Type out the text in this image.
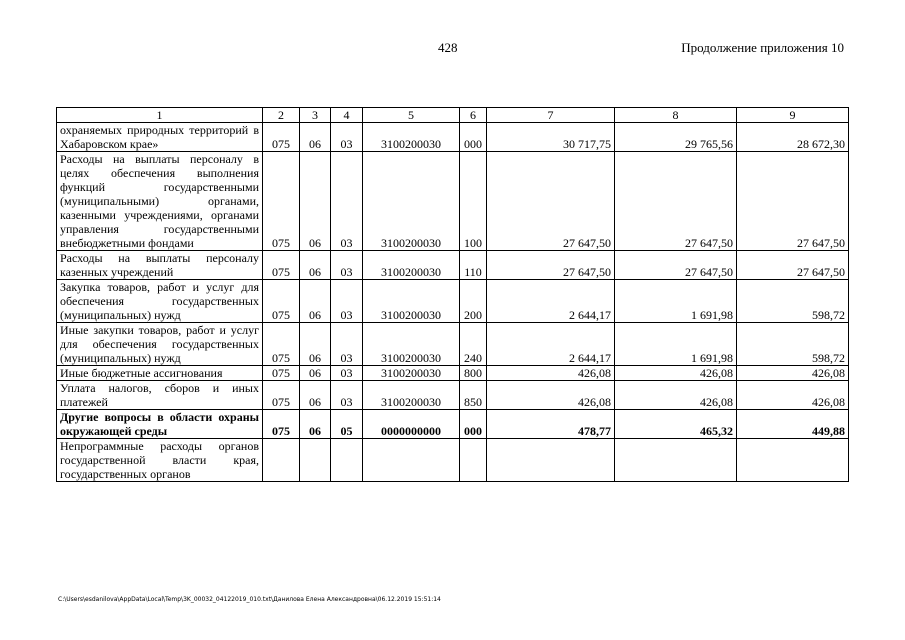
428	Продолжение приложения 10
1	2	3	4	5	6	7	8	9
охраняемых природных территорий в Хабаровском крае»	075	06	03	3100200030	000	30 717,75	29 765,56	28 672,30
Расходы на выплаты персоналу в целях обеспечения выполнения функций государственными (муниципальными) органами, казенными учреждениями, органами управления государственными внебюджетными фондами	075	06	03	3100200030	100	27 647,50	27 647,50	27 647,50
Расходы на выплаты персоналу казенных учреждений	075	06	03	3100200030	110	27 647,50	27 647,50	27 647,50
Закупка товаров, работ и услуг для обеспечения государственных (муниципальных) нужд	075	06	03	3100200030	200	2 644,17	1 691,98	598,72
Иные закупки товаров, работ и услуг для обеспечения государственных (муниципальных) нужд	075	06	03	3100200030	240	2 644,17	1 691,98	598,72
Иные бюджетные ассигнования	075	06	03	3100200030	800	426,08	426,08	426,08
Уплата налогов, сборов и иных платежей	075	06	03	3100200030	850	426,08	426,08	426,08
Другие вопросы в области охраны окружающей среды	075	06	05	0000000000	000	478,77	465,32	449,88
Непрограммные расходы органов государственной власти края, государственных органов								
C:\Users\esdanilova\AppData\Local\Temp\3K_00032_04122019_010.txt\Данилова Елена Александровна\06.12.2019 15:51:14
